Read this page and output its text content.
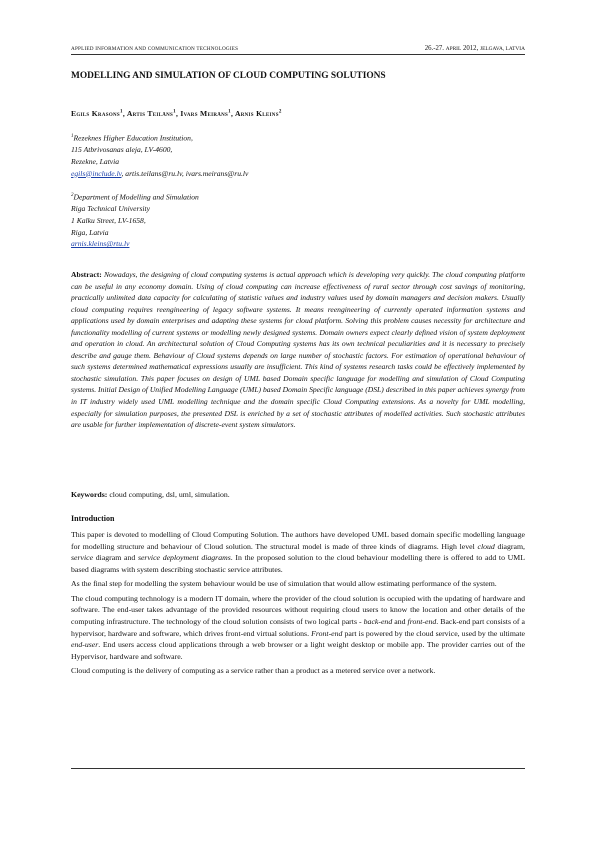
APPLIED INFORMATION AND COMMUNICATION TECHNOLOGIES	26.-27. APRIL 2012, JELGAVA, LATVIA
MODELLING AND SIMULATION OF CLOUD COMPUTING SOLUTIONS
Egils Krasons$^1$, Artis Teilāns$^1$, Ivars Meirāns$^1$, Arnis Kleins$^2$
$^1$Rezeknes Higher Education Institution,
115 Atbrivosanas aleja, LV-4600,
Rezekne, Latvia
egils@include.lv, artis.teilans@ru.lv, ivars.meirans@ru.lv
$^2$Department of Modelling and Simulation
Riga Technical University
1 Kalku Street, LV-1658,
Riga, Latvia
arnis.kleins@rtu.lv
Abstract: Nowadays, the designing of cloud computing systems is actual approach which is developing very quickly. The cloud computing platform can be useful in any economy domain. Using of cloud computing can increase effectiveness of rural sector through cost savings of monitoring, practically unlimited data capacity for calculating of statistic values and industry values used by domain managers and decision makers. Usually cloud computing requires reengineering of legacy software systems. It means reengineering of currently operated information systems and applications used by domain enterprises and adapting these systems for cloud platform. Solving this problem causes necessity for architecture and functionality modelling of current systems or modelling newly designed systems. Domain owners expect clearly defined vision of system deployment and operation in cloud. An architectural solution of Cloud Computing systems has its own technical peculiarities and it is necessary to precisely describe and gauge them. Behaviour of Cloud systems depends on large number of stochastic factors. For estimation of operational behaviour of such systems determined mathematical expressions usually are insufficient. This kind of systems research tasks could be effectively implemented by stochastic simulation. This paper focuses on design of UML based Domain specific language for modelling and simulation of Cloud Computing systems. Initial Design of Unified Modelling Language (UML) based Domain Specific language (DSL) described in this paper achieves synergy from in IT industry widely used UML modelling technique and the domain specific Cloud Computing extensions. As a novelty for UML modelling, especially for simulation purposes, the presented DSL is enriched by a set of stochastic attributes of modelled activities. Such stochastic attributes are usable for further implementation of discrete-event system simulators.
Keywords: cloud computing, dsl, uml, simulation.
Introduction

This paper is devoted to modelling of Cloud Computing Solution. The authors have developed UML based domain specific modelling language for modelling structure and behaviour of Cloud solution. The structural model is made of three kinds of diagrams. High level cloud diagram, service diagram and service deployment diagrams. In the proposed solution to the cloud behaviour modelling there is offered to add to UML based diagrams with system describing stochastic service attributes.

As the final step for modelling the system behaviour would be use of simulation that would allow estimating performance of the system.

The cloud computing technology is a modern IT domain, where the provider of the cloud solution is occupied with the updating of hardware and software. The end-user takes advantage of the provided resources without requiring cloud users to know the location and other details of the computing infrastructure. The technology of the cloud solution consists of two logical parts - back-end and front-end. Back-end part consists of a hypervisor, hardware and software, which drives front-end virtual solutions. Front-end part is powered by the cloud service, used by the ultimate end-user. End users access cloud applications through a web browser or a light weight desktop or mobile app. The provider carries out of the Hypervisor, hardware and software.

Cloud computing is the delivery of computing as a service rather than a product as a metered service over a network.
